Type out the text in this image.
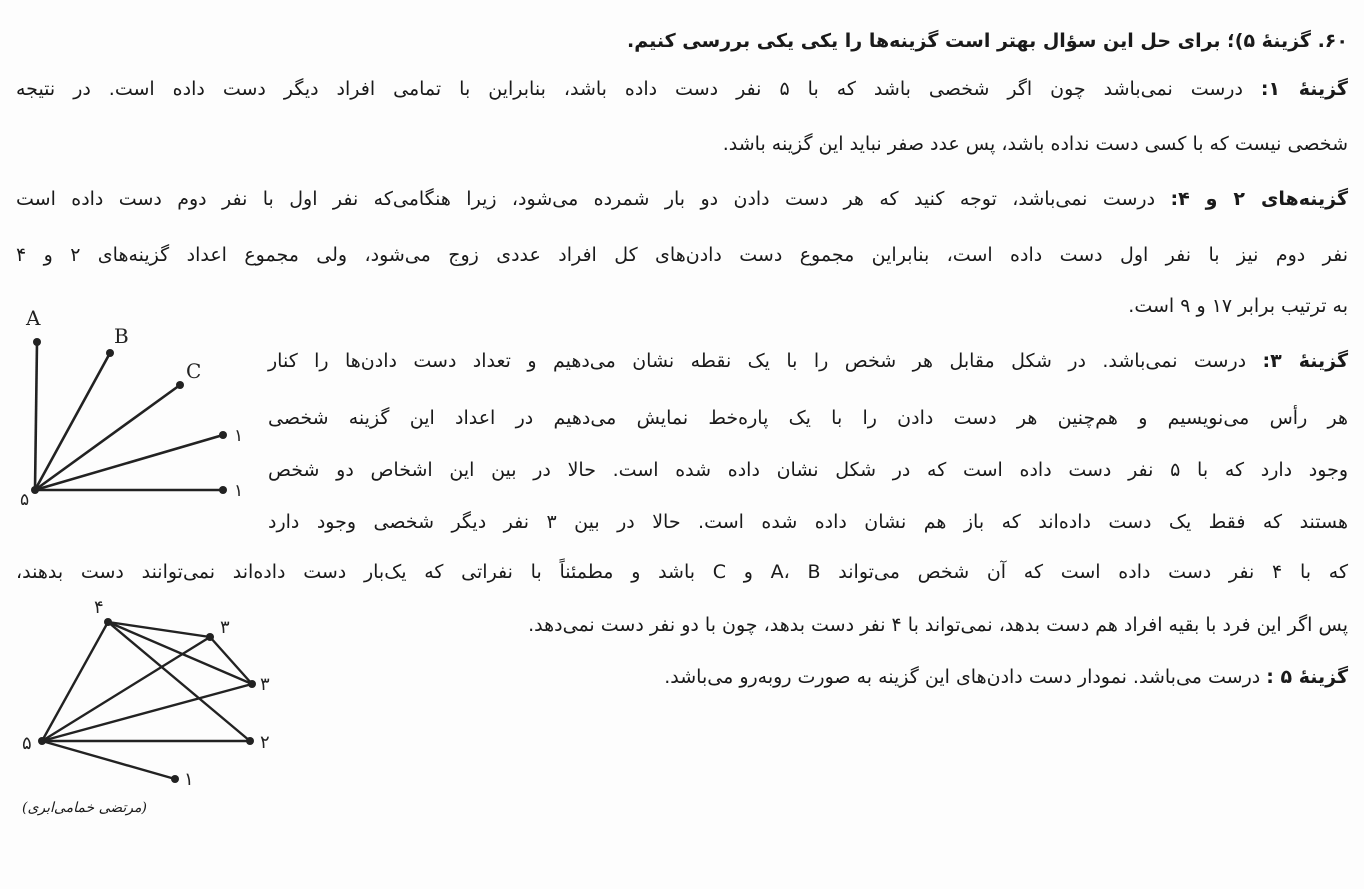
۶۰. گزینهٔ ۵)؛ برای حل این سؤال بهتر است گزینه‌ها را یکی یکی بررسی کنیم.
گزینهٔ ۱: درست نمی‌باشد چون اگر شخصی باشد که با ۵ نفر دست داده باشد، بنابراین با تمامی افراد دیگر دست داده است. در نتیجه
شخصی نیست که با کسی دست نداده باشد، پس عدد صفر نباید این گزینه باشد.
گزینه‌های ۲ و ۴: درست نمی‌باشد، توجه کنید که هر دست دادن دو بار شمرده می‌شود، زیرا هنگامی‌که نفر اول با نفر دوم دست داده است
نفر دوم نیز با نفر اول دست داده است، بنابراین مجموع دست دادن‌های کل افراد عددی زوج می‌شود، ولی مجموع اعداد گزینه‌های ۲ و ۴
به ترتیب برابر ۱۷ و ۹ است.
گزینهٔ ۳: درست نمی‌باشد. در شکل مقابل هر شخص را با یک نقطه نشان می‌دهیم و تعداد دست دادن‌ها را کنار
هر رأس می‌نویسیم و هم‌چنین هر دست دادن را با یک پاره‌خط نمایش می‌دهیم در اعداد این گزینه شخصی
وجود دارد که با ۵ نفر دست داده است که در شکل نشان داده شده است. حالا در بین این اشخاص دو شخص
هستند که فقط یک دست داده‌اند که باز هم نشان داده شده است. حالا در بین ۳ نفر دیگر شخصی وجود دارد
که با ۴ نفر دست داده است که آن شخص می‌تواند A، B و C باشد و مطمئناً با نفراتی که یک‌بار دست داده‌اند نمی‌توانند دست بدهند،
پس اگر این فرد با بقیه افراد هم دست بدهد، نمی‌تواند با ۴ نفر دست بدهد، چون با دو نفر دست نمی‌دهد.
گزینهٔ ۵ : درست می‌باشد. نمودار دست دادن‌های این گزینه به صورت روبه‌رو می‌باشد.
A
B
C
۱
۱
۵
۴
۳
۳
۲
۱
۵
(مرتضی خمامی‌ابری)
